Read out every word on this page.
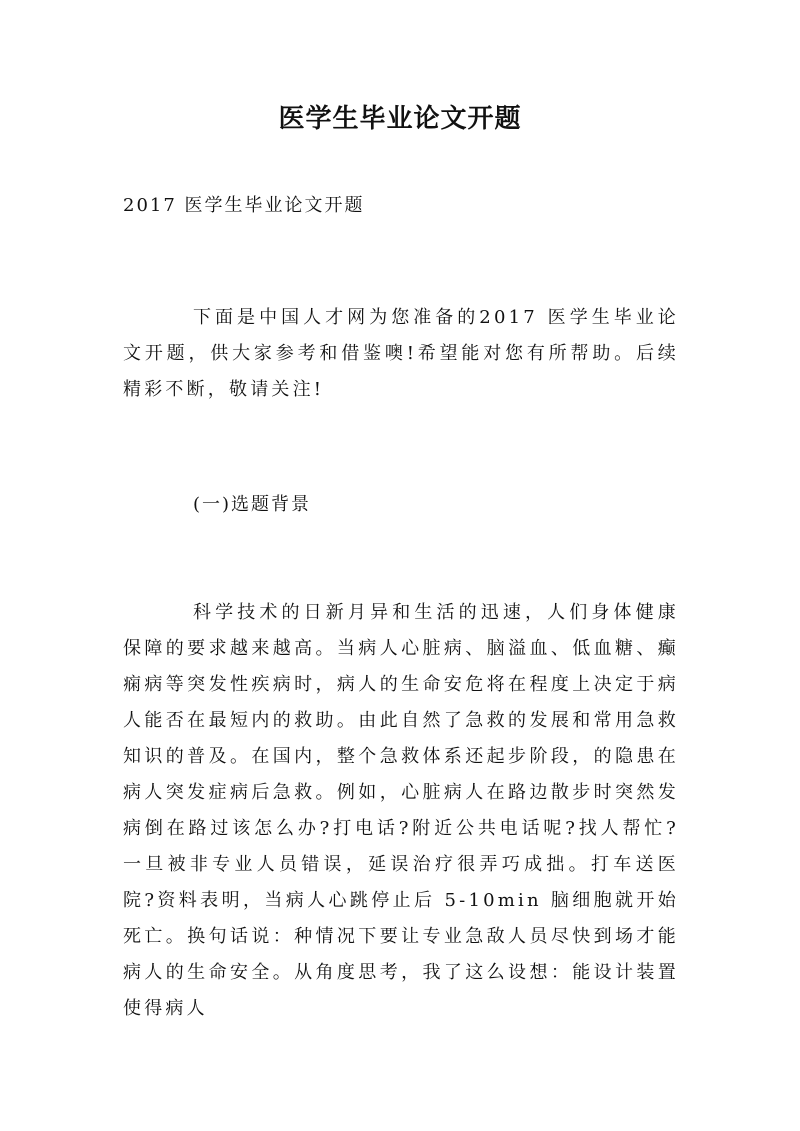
医学生毕业论文开题
2017 医学生毕业论文开题

下面是中国人才网为您准备的2017 医学生毕业论文开题，供大家参考和借鉴噢!希望能对您有所帮助。后续精彩不断，敬请关注!

(一)选题背景

科学技术的日新月异和生活的迅速，人们身体健康保障的要求越来越高。当病人心脏病、脑溢血、低血糖、癫痫病等突发性疾病时，病人的生命安危将在程度上决定于病人能否在最短内的救助。由此自然了急救的发展和常用急救知识的普及。在国内，整个急救体系还起步阶段，的隐患在病人突发症病后急救。例如，心脏病人在路边散步时突然发病倒在路过该怎么办?打电话?附近公共电话呢?找人帮忙?一旦被非专业人员错误，延误治疗很弄巧成拙。打车送医院?资料表明，当病人心跳停止后 5-10min 脑细胞就开始死亡。换句话说：种情况下要让专业急敌人员尽快到场才能病人的生命安全。从角度思考，我了这么设想：能设计装置使得病人
